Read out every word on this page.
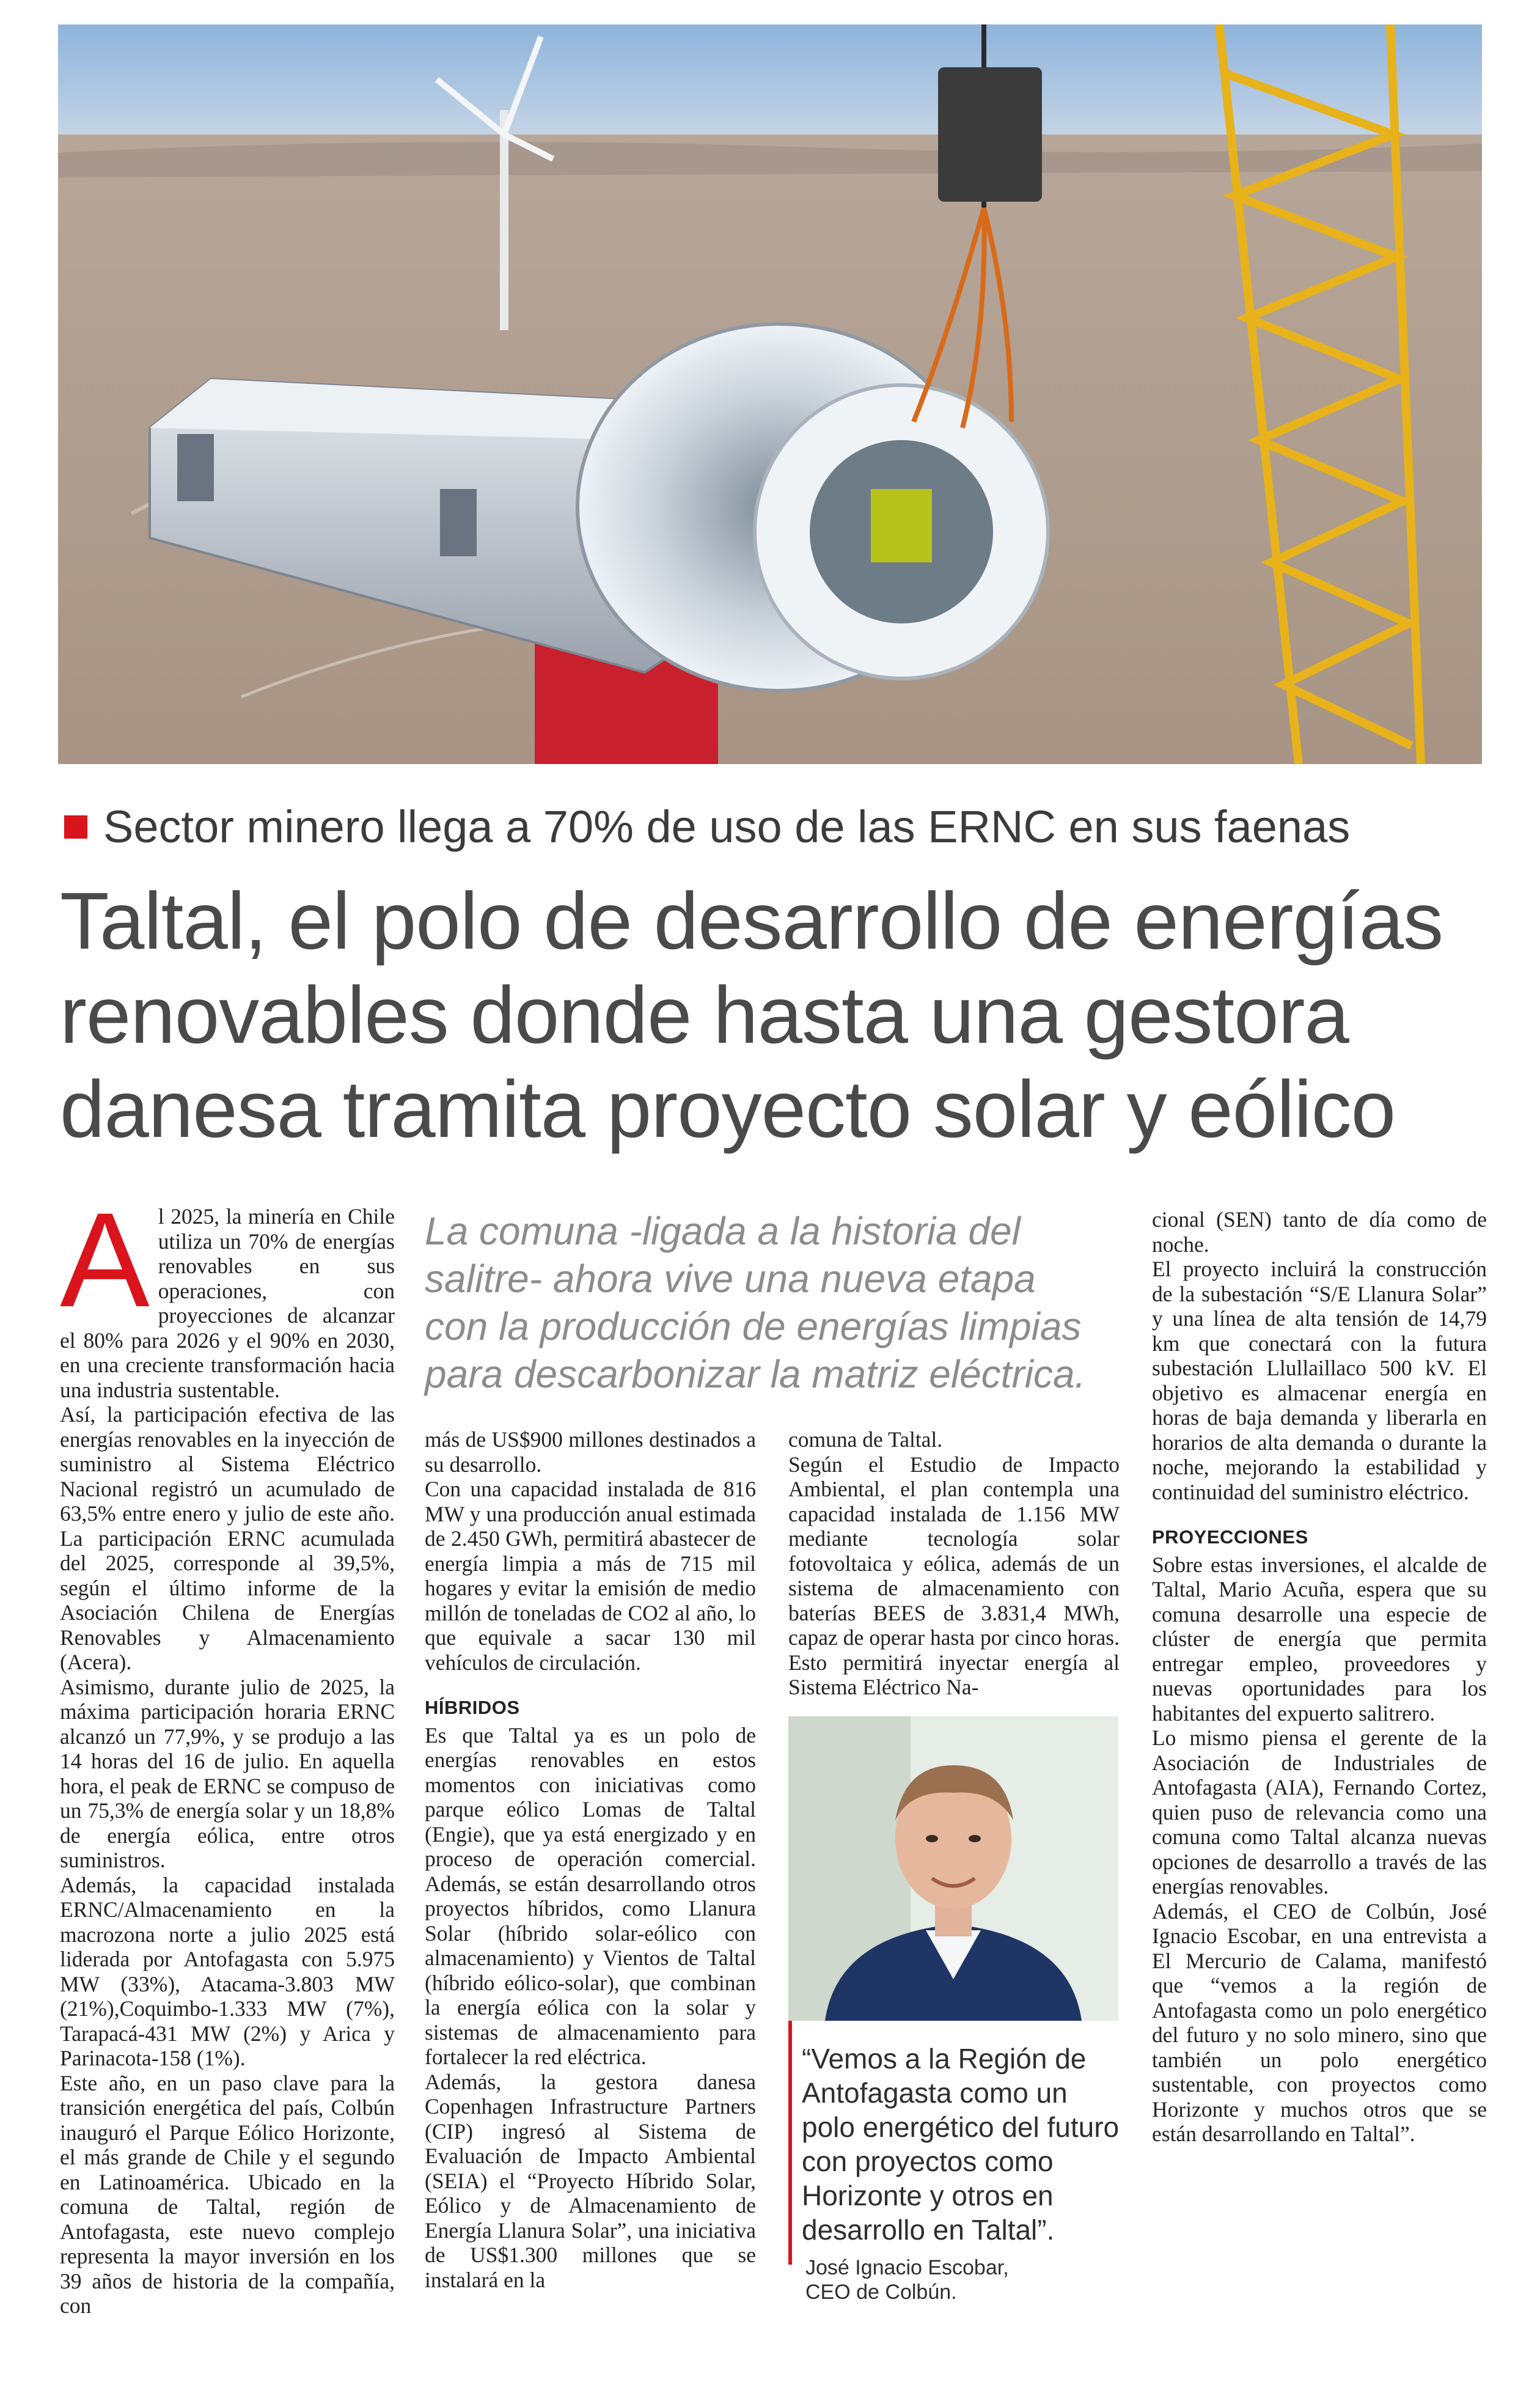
Sector minero llega a 70% de uso de las ERNC en sus faenas
Taltal, el polo de desarrollo de energías
renovables donde hasta una gestora
danesa tramita proyecto solar y eólico

Al 2025, la minería en Chile utiliza un 70% de energías renovables en sus operaciones, con proyecciones de alcanzar el 80% para 2026 y el 90% en 2030, en una creciente transformación hacia una industria sustentable.

Así, la participación efectiva de las energías renovables en la inyección de suministro al Sistema Eléctrico Nacional registró un acumulado de 63,5% entre enero y julio de este año. La participación ERNC acumulada del 2025, corresponde al 39,5%, según el último informe de la Asociación Chilena de Energías Renovables y Almacenamiento (Acera).

Asimismo, durante julio de 2025, la máxima participación horaria ERNC alcanzó un 77,9%, y se produjo a las 14 horas del 16 de julio. En aquella hora, el peak de ERNC se compuso de un 75,3% de energía solar y un 18,8% de energía eólica, entre otros suministros.

Además, la capacidad instalada ERNC/Almacenamiento en la macrozona norte a julio 2025 está liderada por Antofagasta con 5.975 MW (33%), Atacama-3.803 MW (21%),Coquimbo-1.333 MW (7%), Tarapacá-431 MW (2%) y Arica y Parinacota-158 (1%).

Este año, en un paso clave para la transición energética del país, Colbún inauguró el Parque Eólico Horizonte, el más grande de Chile y el segundo en Latinoamérica. Ubicado en la comuna de Taltal, región de Antofagasta, este nuevo complejo representa la mayor inversión en los 39 años de historia de la compañía, con

La comuna -ligada a la historia del
salitre- ahora vive una nueva etapa
con la producción de energías limpias
para descarbonizar la matriz eléctrica.

más de US$900 millones destinados a su desarrollo.

Con una capacidad instalada de 816 MW y una producción anual estimada de 2.450 GWh, permitirá abastecer de energía limpia a más de 715 mil hogares y evitar la emisión de medio millón de toneladas de CO2 al año, lo que equivale a sacar 130 mil vehículos de circulación.

HÍBRIDOS

Es que Taltal ya es un polo de energías renovables en estos momentos con iniciativas como parque eólico Lomas de Taltal (Engie), que ya está energizado y en proceso de operación comercial. Además, se están desarrollando otros proyectos híbridos, como Llanura Solar (híbrido solar-eólico con almacenamiento) y Vientos de Taltal (híbrido eólico-solar), que combinan la energía eólica con la solar y sistemas de almacenamiento para fortalecer la red eléctrica.

Además, la gestora danesa Copenhagen Infrastructure Partners (CIP) ingresó al Sistema de Evaluación de Impacto Ambiental (SEIA) el “Proyecto Híbrido Solar, Eólico y de Almacenamiento de Energía Llanura Solar”, una iniciativa de US$1.300 millones que se instalará en la

comuna de Taltal.

Según el Estudio de Impacto Ambiental, el plan contempla una capacidad instalada de 1.156 MW mediante tecnología solar fotovoltaica y eólica, además de un sistema de almacenamiento con baterías BEES de 3.831,4 MWh, capaz de operar hasta por cinco horas. Esto permitirá inyectar energía al Sistema Eléctrico Na-

“Vemos a la Región de
Antofagasta como un
polo energético del futuro
con proyectos como
Horizonte y otros en
desarrollo en Taltal”.
José Ignacio Escobar,
CEO de Colbún.

cional (SEN) tanto de día como de noche.

El proyecto incluirá la construcción de la subestación “S/E Llanura Solar” y una línea de alta tensión de 14,79 km que conectará con la futura subestación Llullaillaco 500 kV. El objetivo es almacenar energía en horas de baja demanda y liberarla en horarios de alta demanda o durante la noche, mejorando la estabilidad y continuidad del suministro eléctrico.

PROYECCIONES

Sobre estas inversiones, el alcalde de Taltal, Mario Acuña, espera que su comuna desarrolle una especie de clúster de energía que permita entregar empleo, proveedores y nuevas oportunidades para los habitantes del expuerto salitrero.

Lo mismo piensa el gerente de la Asociación de Industriales de Antofagasta (AIA), Fernando Cortez, quien puso de relevancia como una comuna como Taltal alcanza nuevas opciones de desarrollo a través de las energías renovables.

Además, el CEO de Colbún, José Ignacio Escobar, en una entrevista a El Mercurio de Calama, manifestó que “vemos a la región de Antofagasta como un polo energético del futuro y no solo minero, sino que también un polo energético sustentable, con proyectos como Horizonte y muchos otros que se están desarrollando en Taltal”.
